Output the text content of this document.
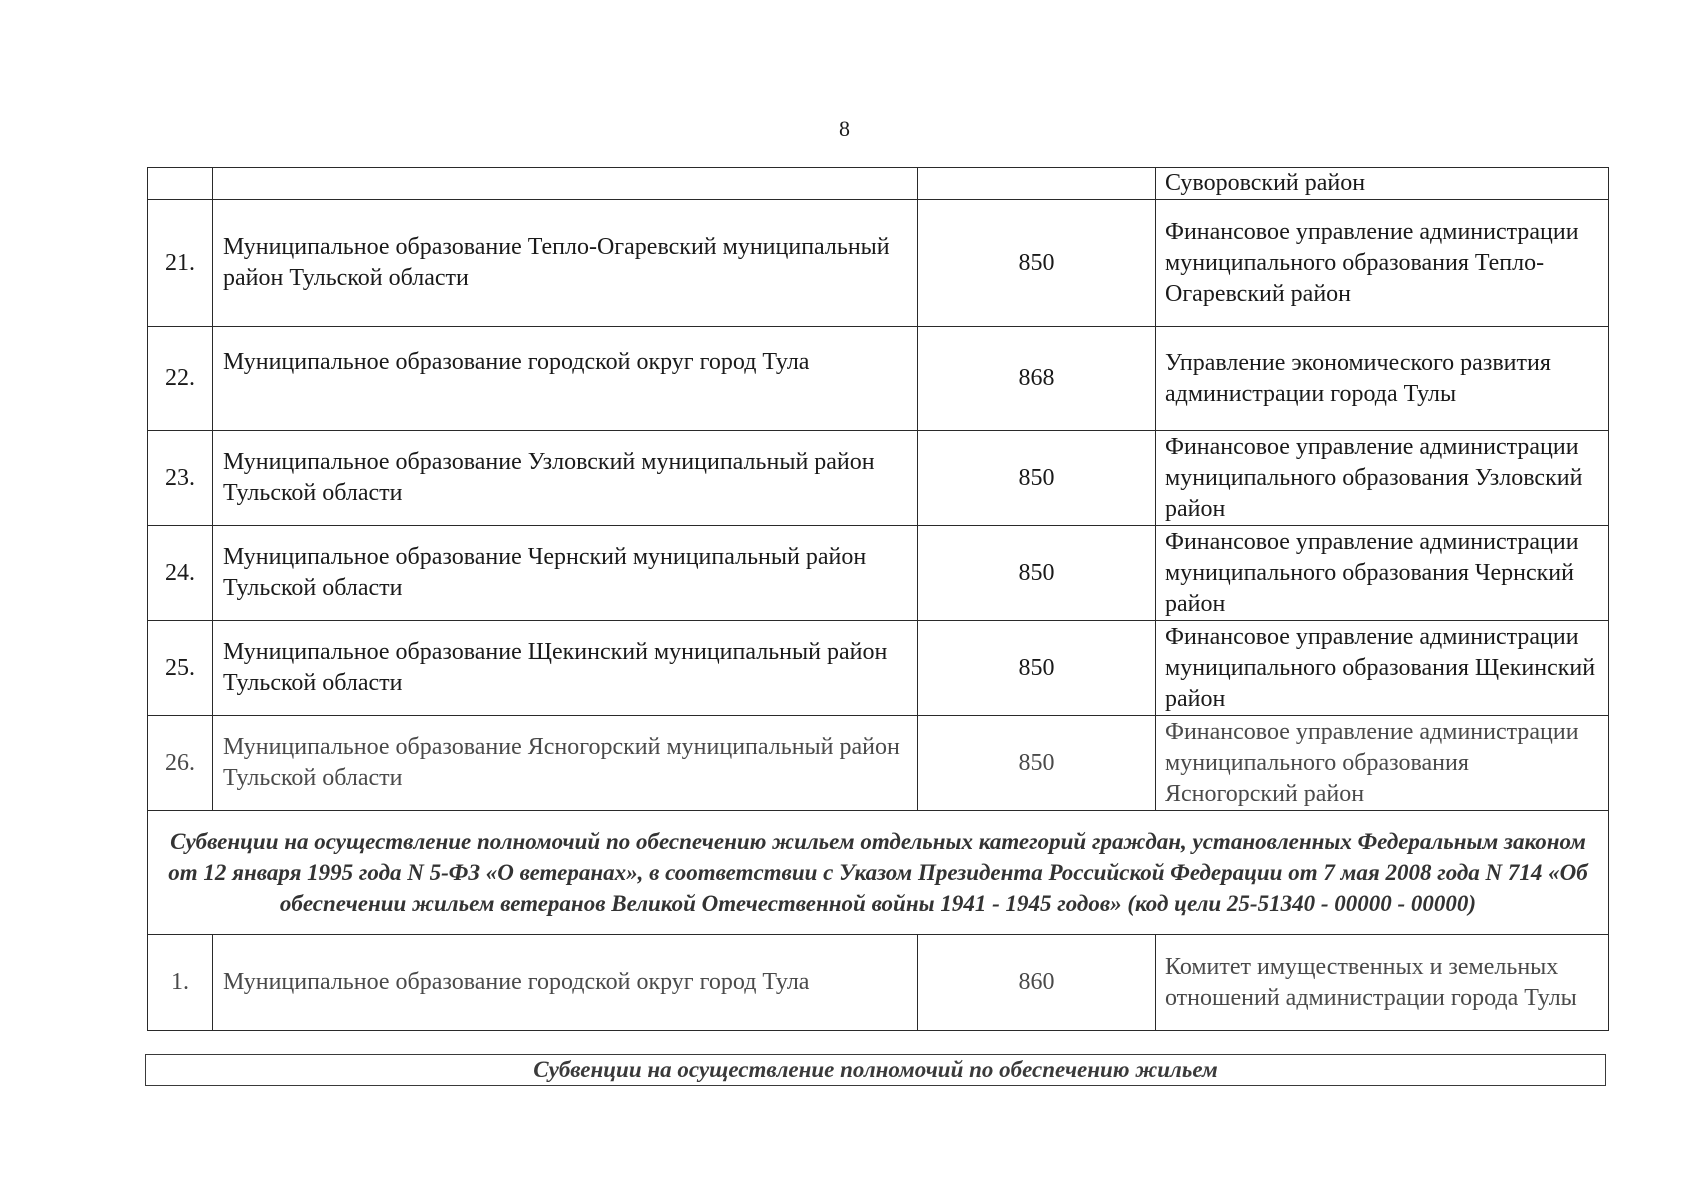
8
			Суворовский район
21.	Муниципальное образование Тепло-Огаревский муниципальный район Тульской области	850	Финансовое управление администрации муниципального образования Тепло-Огаревский район
22.	Муниципальное образование городской округ город Тула	868	Управление экономического развития администрации города Тулы
23.	Муниципальное образование Узловский муниципальный район Тульской области	850	Финансовое управление администрации муниципального образования Узловский район
24.	Муниципальное образование Чернский муниципальный район Тульской области	850	Финансовое управление администрации муниципального образования Чернский район
25.	Муниципальное образование Щекинский муниципальный район Тульской области	850	Финансовое управление администрации муниципального образования Щекинский район
26.	Муниципальное образование Ясногорский муниципальный район Тульской области	850	Финансовое управление администрации муниципального образования Ясногорский район
Субвенции на осуществление полномочий по обеспечению жильем отдельных категорий граждан, установленных Федеральным законом от 12 января 1995 года N 5-ФЗ «О ветеранах», в соответствии с Указом Президента Российской Федерации от 7 мая 2008 года N 714 «Об обеспечении жильем ветеранов Великой Отечественной войны 1941 - 1945 годов» (код цели 25-51340 - 00000 - 00000)			
1.	Муниципальное образование городской округ город Тула	860	Комитет имущественных и земельных отношений администрации города Тулы
Субвенции на осуществление полномочий по обеспечению жильем
